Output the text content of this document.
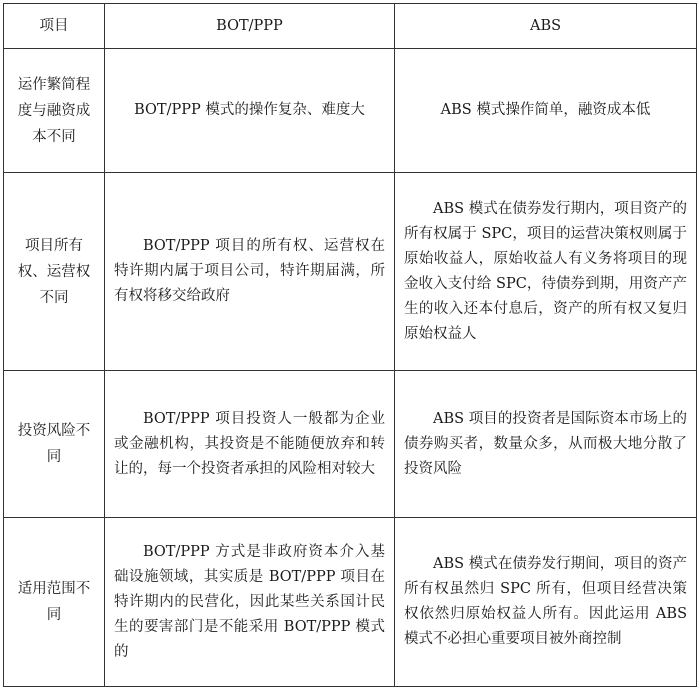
项目	BOT/PPP	ABS
运作繁简程度与融资成本不同	BOT/PPP 模式的操作复杂、难度大	ABS 模式操作简单，融资成本低
项目所有权、运营权不同	BOT/PPP 项目的所有权、运营权在特许期内属于项目公司，特许期届满，所有权将移交给政府	ABS 模式在债券发行期内，项目资产的所有权属于 SPC，项目的运营决策权则属于原始收益人，原始收益人有义务将项目的现金收入支付给 SPC，待债券到期，用资产产生的收入还本付息后，资产的所有权又复归原始权益人
投资风险不同	BOT/PPP 项目投资人一般都为企业或金融机构，其投资是不能随便放弃和转让的，每一个投资者承担的风险相对较大	ABS 项目的投资者是国际资本市场上的债券购买者，数量众多，从而极大地分散了投资风险
适用范围不同	BOT/PPP 方式是非政府资本介入基础设施领域，其实质是 BOT/PPP 项目在特许期内的民营化，因此某些关系国计民生的要害部门是不能采用 BOT/PPP 模式的	ABS 模式在债券发行期间，项目的资产所有权虽然归 SPC 所有，但项目经营决策权依然归原始权益人所有。因此运用 ABS 模式不必担心重要项目被外商控制
